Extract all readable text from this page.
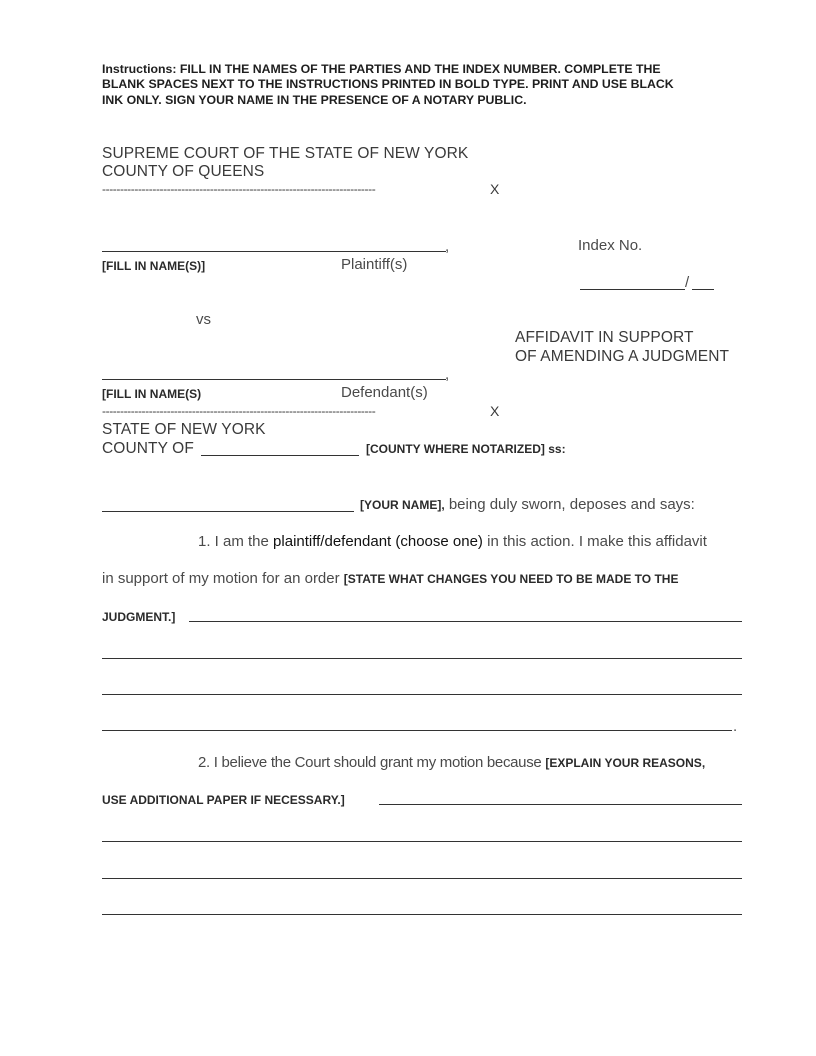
Instructions: FILL IN THE NAMES OF THE PARTIES AND THE INDEX NUMBER. COMPLETE THE
BLANK SPACES NEXT TO THE INSTRUCTIONS PRINTED IN BOLD TYPE. PRINT AND USE BLACK
INK ONLY. SIGN YOUR NAME IN THE PRESENCE OF A NOTARY PUBLIC.
SUPREME COURT OF THE STATE OF NEW YORK
COUNTY OF QUEENS
----------------------------------------------------------------------------	X
,
[FILL IN NAME(S)]	Plaintiff(s)
Index No.
/
vs
AFFIDAVIT IN SUPPORT
OF AMENDING A JUDGMENT
,
[FILL IN NAME(S)	Defendant(s)
----------------------------------------------------------------------------	X
STATE OF NEW YORK
COUNTY OF	[COUNTY WHERE NOTARIZED] ss:
[YOUR NAME], being duly sworn, deposes and says:
1. I am the plaintiff/defendant (choose one) in this action. I make this affidavit
in support of my motion for an order [STATE WHAT CHANGES YOU NEED TO BE MADE TO THE
JUDGMENT.]
.
2. I believe the Court should grant my motion because [EXPLAIN YOUR REASONS,
USE ADDITIONAL PAPER IF NECESSARY.]
